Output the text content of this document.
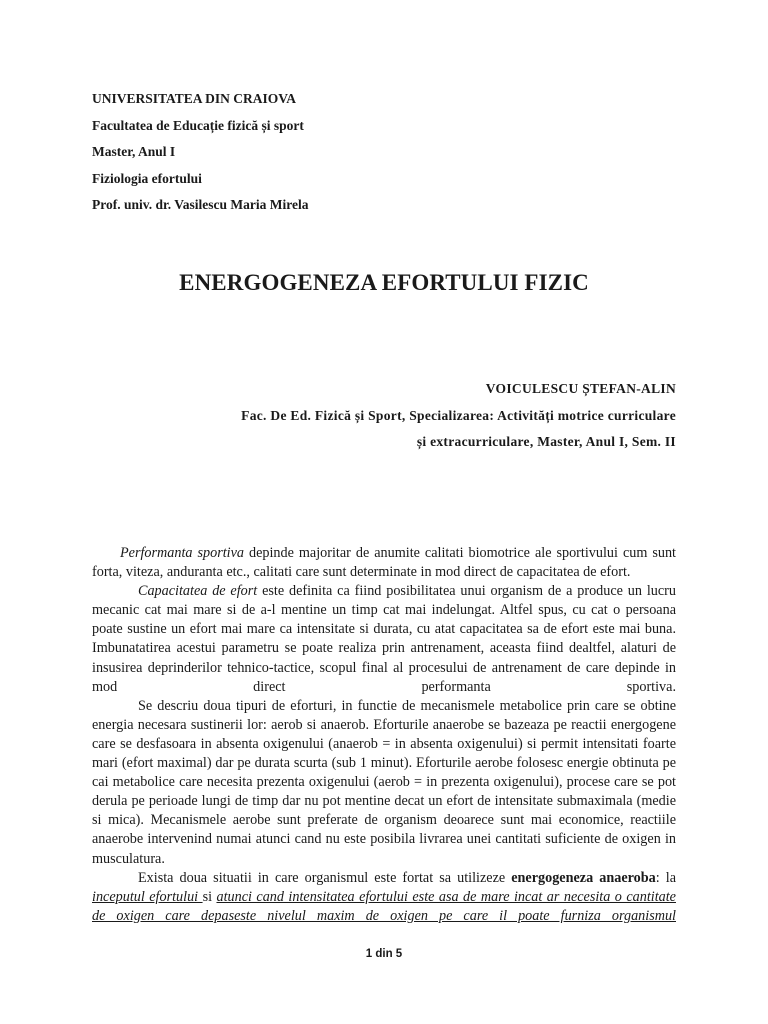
UNIVERSITATEA DIN CRAIOVA
Facultatea de Educație fizică și sport
Master, Anul I
Fiziologia efortului
Prof. univ. dr. Vasilescu Maria Mirela
ENERGOGENEZA EFORTULUI FIZIC
VOICULESCU ȘTEFAN-ALIN
Fac. De Ed. Fizică și Sport, Specializarea: Activități motrice curriculare
și extracurriculare, Master, Anul I, Sem. II

Performanta sportiva depinde majoritar de anumite calitati biomotrice ale sportivului cum sunt forta, viteza, anduranta etc., calitati care sunt determinate in mod direct de capacitatea de efort.

Capacitatea de efort este definita ca fiind posibilitatea unui organism de a produce un lucru mecanic cat mai mare si de a-l mentine un timp cat mai indelungat. Altfel spus, cu cat o persoana poate sustine un efort mai mare ca intensitate si durata, cu atat capacitatea sa de efort este mai buna. Imbunatatirea acestui parametru se poate realiza prin antrenament, aceasta fiind dealtfel, alaturi de insusirea deprinderilor tehnico-tactice, scopul final al procesului de antrenament de care depinde in mod direct performanta sportiva.

Se descriu doua tipuri de eforturi, in functie de mecanismele metabolice prin care se obtine energia necesara sustinerii lor: aerob si anaerob. Eforturile anaerobe se bazeaza pe reactii energogene care se desfasoara in absenta oxigenului (anaerob = in absenta oxigenului) si permit intensitati foarte mari (efort maximal) dar pe durata scurta (sub 1 minut). Eforturile aerobe folosesc energie obtinuta pe cai metabolice care necesita prezenta oxigenului (aerob = in prezenta oxigenului), procese care se pot derula pe perioade lungi de timp dar nu pot mentine decat un efort de intensitate submaximala (medie si mica). Mecanismele aerobe sunt preferate de organism deoarece sunt mai economice, reactiile anaerobe intervenind numai atunci cand nu este posibila livrarea unei cantitati suficiente de oxigen in musculatura.

Exista doua situatii in care organismul este fortat sa utilizeze energogeneza anaeroba: la inceputul efortului si atunci cand intensitatea efortului este asa de mare incat ar necesita o cantitate de oxigen care depaseste nivelul maxim de oxigen pe care il poate furniza organismul

1 din 5
